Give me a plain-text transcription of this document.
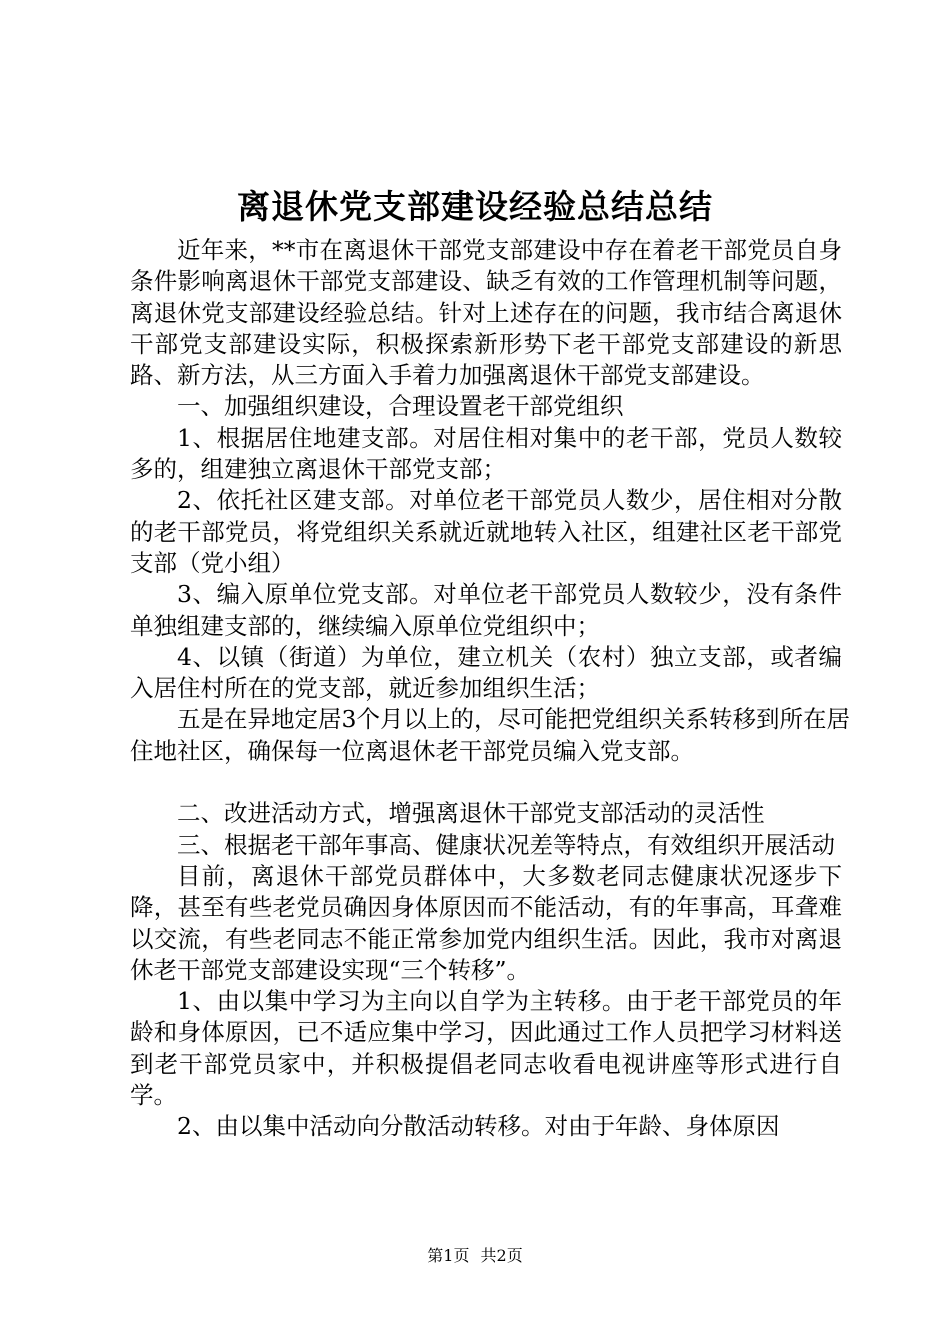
离退休党支部建设经验总结总结

近年来，**市在离退休干部党支部建设中存在着老干部党员自身条件影响离退休干部党支部建设、缺乏有效的工作管理机制等问题，离退休党支部建设经验总结。针对上述存在的问题，我市结合离退休干部党支部建设实际，积极探索新形势下老干部党支部建设的新思路、新方法，从三方面入手着力加强离退休干部党支部建设。

一、加强组织建设，合理设置老干部党组织

1、根据居住地建支部。对居住相对集中的老干部，党员人数较多的，组建独立离退休干部党支部；

2、依托社区建支部。对单位老干部党员人数少，居住相对分散的老干部党员，将党组织关系就近就地转入社区，组建社区老干部党支部（党小组）

3、编入原单位党支部。对单位老干部党员人数较少，没有条件单独组建支部的，继续编入原单位党组织中；

4、以镇（街道）为单位，建立机关（农村）独立支部，或者编入居住村所在的党支部，就近参加组织生活；

五是在异地定居3个月以上的，尽可能把党组织关系转移到所在居住地社区，确保每一位离退休老干部党员编入党支部。

二、改进活动方式，增强离退休干部党支部活动的灵活性

三、根据老干部年事高、健康状况差等特点，有效组织开展活动

目前，离退休干部党员群体中，大多数老同志健康状况逐步下降，甚至有些老党员确因身体原因而不能活动，有的年事高，耳聋难以交流，有些老同志不能正常参加党内组织生活。因此，我市对离退休老干部党支部建设实现“三个转移”。

1、由以集中学习为主向以自学为主转移。由于老干部党员的年龄和身体原因，已不适应集中学习，因此通过工作人员把学习材料送到老干部党员家中，并积极提倡老同志收看电视讲座等形式进行自学。

2、由以集中活动向分散活动转移。对由于年龄、身体原因

第1页 共2页
